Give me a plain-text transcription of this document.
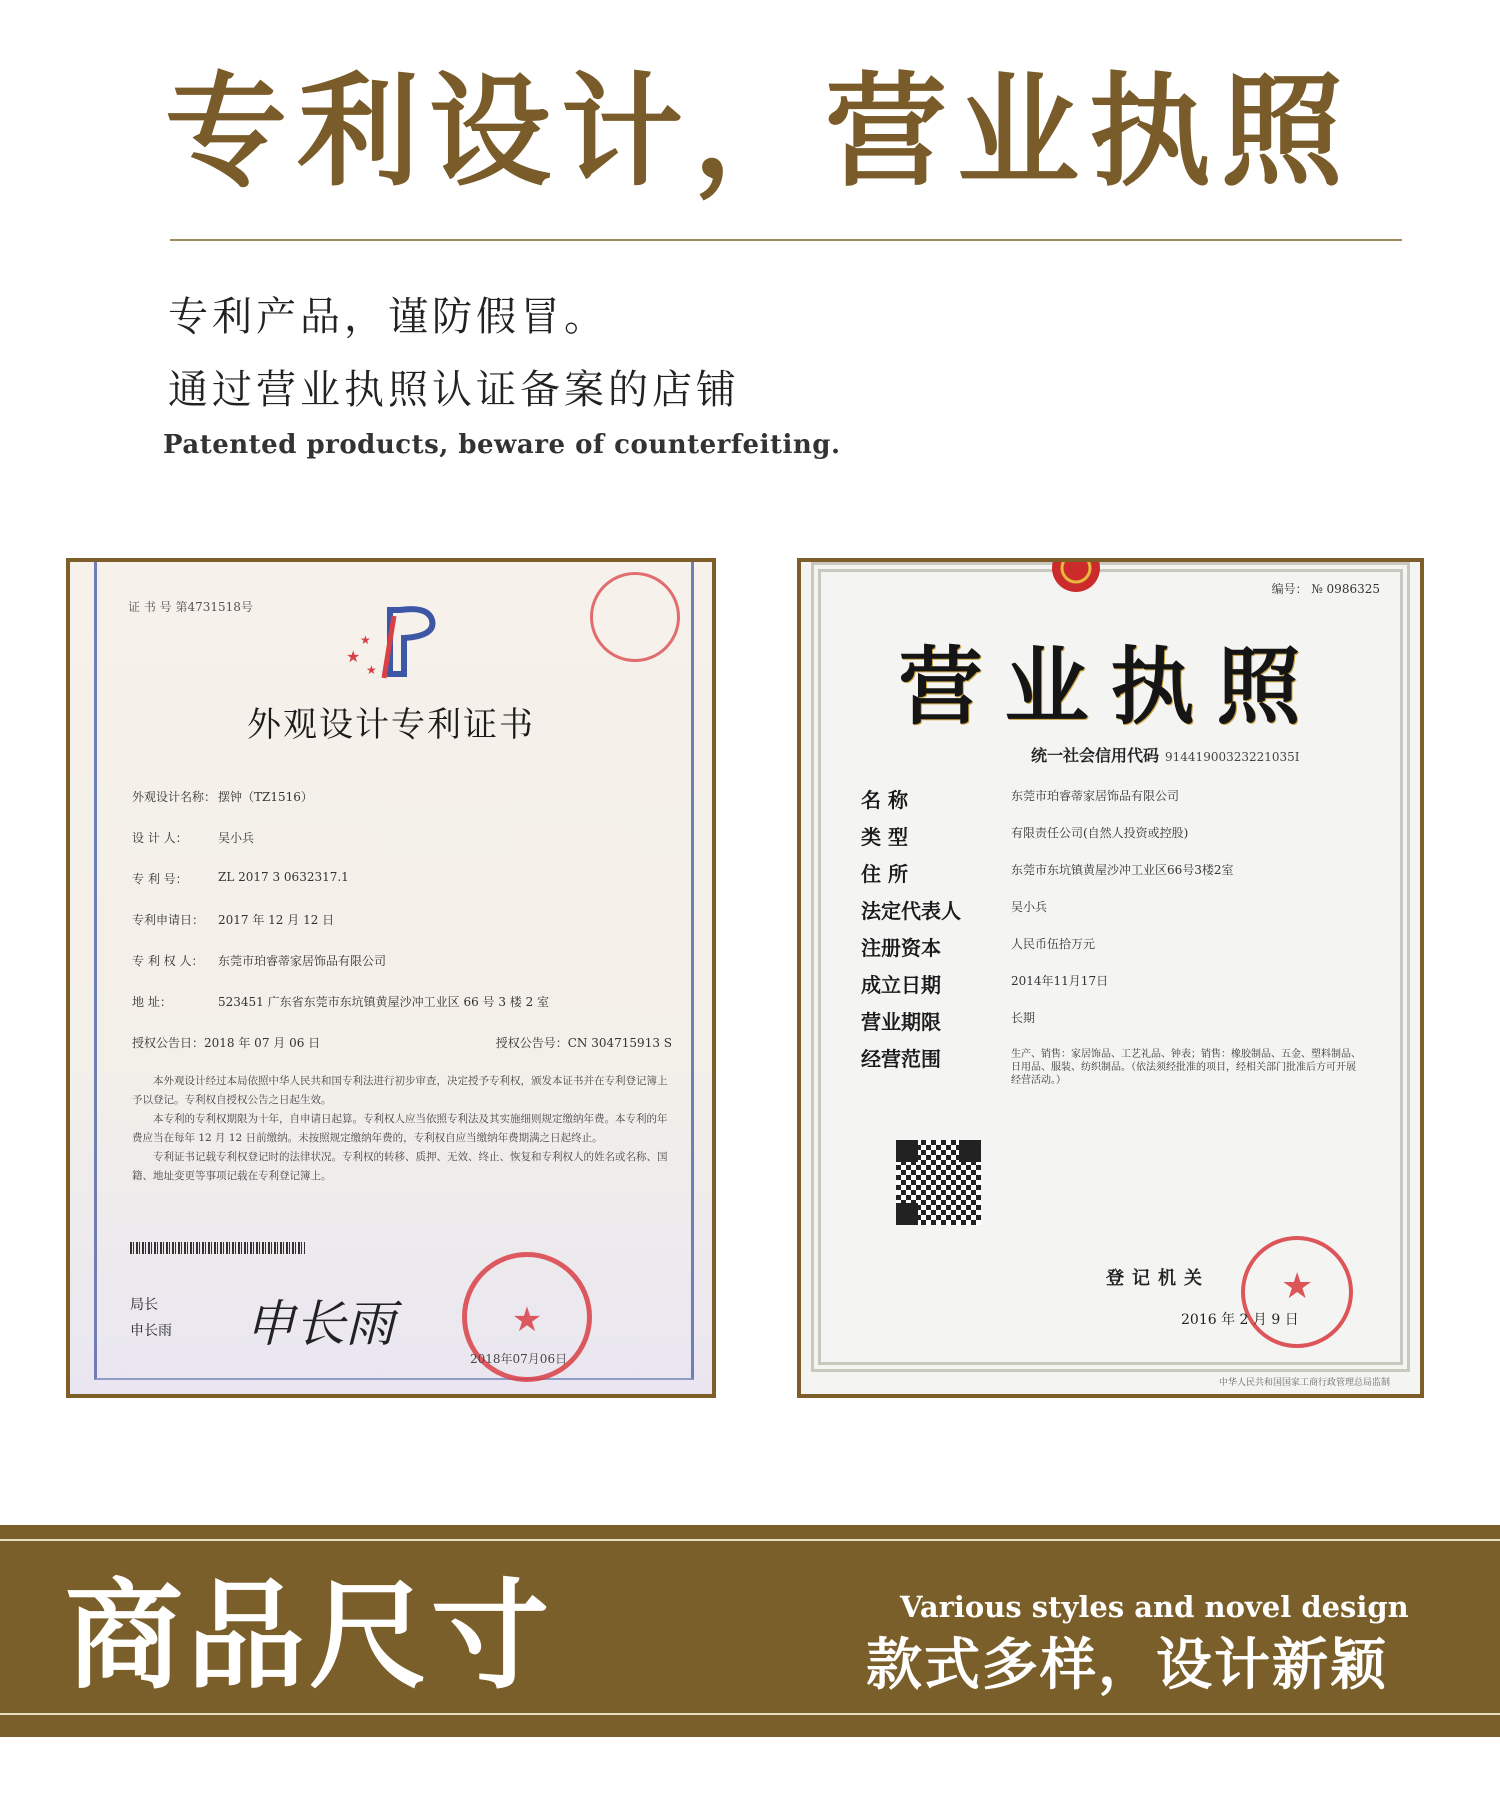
专利设计，营业执照
专利产品，谨防假冒。
通过营业执照认证备案的店铺
Patented products, beware of counterfeiting.
证 书 号 第4731518号
★
★
★
外观设计专利证书
外观设计名称： 摆钟（TZ1516）
设 计 人：	吴小兵
专 利 号：	ZL 2017 3 0632317.1
专利申请日：	2017 年 12 月 12 日
专 利 权 人：	东莞市珀睿蒂家居饰品有限公司
地 址：	523451 广东省东莞市东坑镇黄屋沙冲工业区 66 号 3 楼 2 室
授权公告日：2018 年 07 月 06 日	授权公告号：CN 304715913 S
本外观设计经过本局依照中华人民共和国专利法进行初步审查，决定授予专利权，颁发本证书并在专利登记簿上予以登记。专利权自授权公告之日起生效。
本专利的专利权期限为十年，自申请日起算。专利权人应当依照专利法及其实施细则规定缴纳年费。本专利的年费应当在每年 12 月 12 日前缴纳。未按照规定缴纳年费的，专利权自应当缴纳年费期满之日起终止。
专利证书记载专利权登记时的法律状况。专利权的转移、质押、无效、终止、恢复和专利权人的姓名或名称、国籍、地址变更等事项记载在专利登记簿上。
局长
申长雨 申长雨	★
2018年07月06日
编号： № 0986325
营业执照
统一社会信用代码 91441900323221035I
名 称	东莞市珀睿蒂家居饰品有限公司
类 型	有限责任公司(自然人投资或控股)
住 所	东莞市东坑镇黄屋沙冲工业区66号3楼2室
法定代表人	吴小兵
注册资本	人民币伍拾万元
成立日期	2014年11月17日
营业期限	长期
经营范围	生产、销售：家居饰品、工艺礼品、钟表；销售：橡胶制品、五金、塑料制品、日用品、服装、纺织制品。（依法须经批准的项目，经相关部门批准后方可开展经营活动。）
登记机关 ★
2016 年 2 月 9 日
中华人民共和国国家工商行政管理总局监制
商品尺寸	Various styles and novel design
款式多样，设计新颖
